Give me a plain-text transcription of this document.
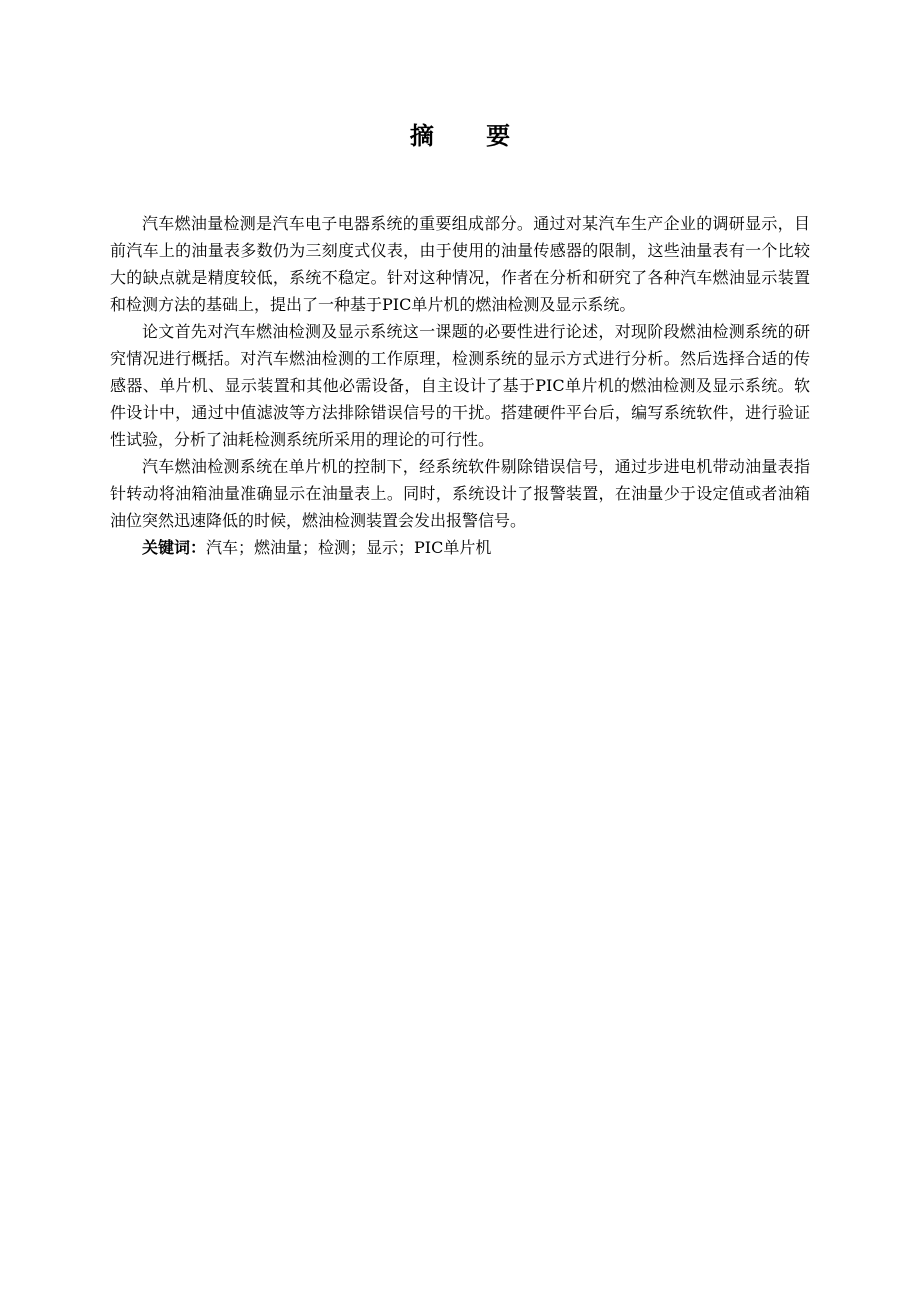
摘 要

汽车燃油量检测是汽车电子电器系统的重要组成部分。通过对某汽车生产企业的调研显示，目前汽车上的油量表多数仍为三刻度式仪表，由于使用的油量传感器的限制，这些油量表有一个比较大的缺点就是精度较低，系统不稳定。针对这种情况，作者在分析和研究了各种汽车燃油显示装置和检测方法的基础上，提出了一种基于PIC单片机的燃油检测及显示系统。

论文首先对汽车燃油检测及显示系统这一课题的必要性进行论述，对现阶段燃油检测系统的研究情况进行概括。对汽车燃油检测的工作原理，检测系统的显示方式进行分析。然后选择合适的传感器、单片机、显示装置和其他必需设备，自主设计了基于PIC单片机的燃油检测及显示系统。软件设计中，通过中值滤波等方法排除错误信号的干扰。搭建硬件平台后，编写系统软件，进行验证性试验，分析了油耗检测系统所采用的理论的可行性。

汽车燃油检测系统在单片机的控制下，经系统软件剔除错误信号，通过步进电机带动油量表指针转动将油箱油量准确显示在油量表上。同时，系统设计了报警装置，在油量少于设定值或者油箱油位突然迅速降低的时候，燃油检测装置会发出报警信号。

关键词：汽车；燃油量；检测；显示；PIC单片机
